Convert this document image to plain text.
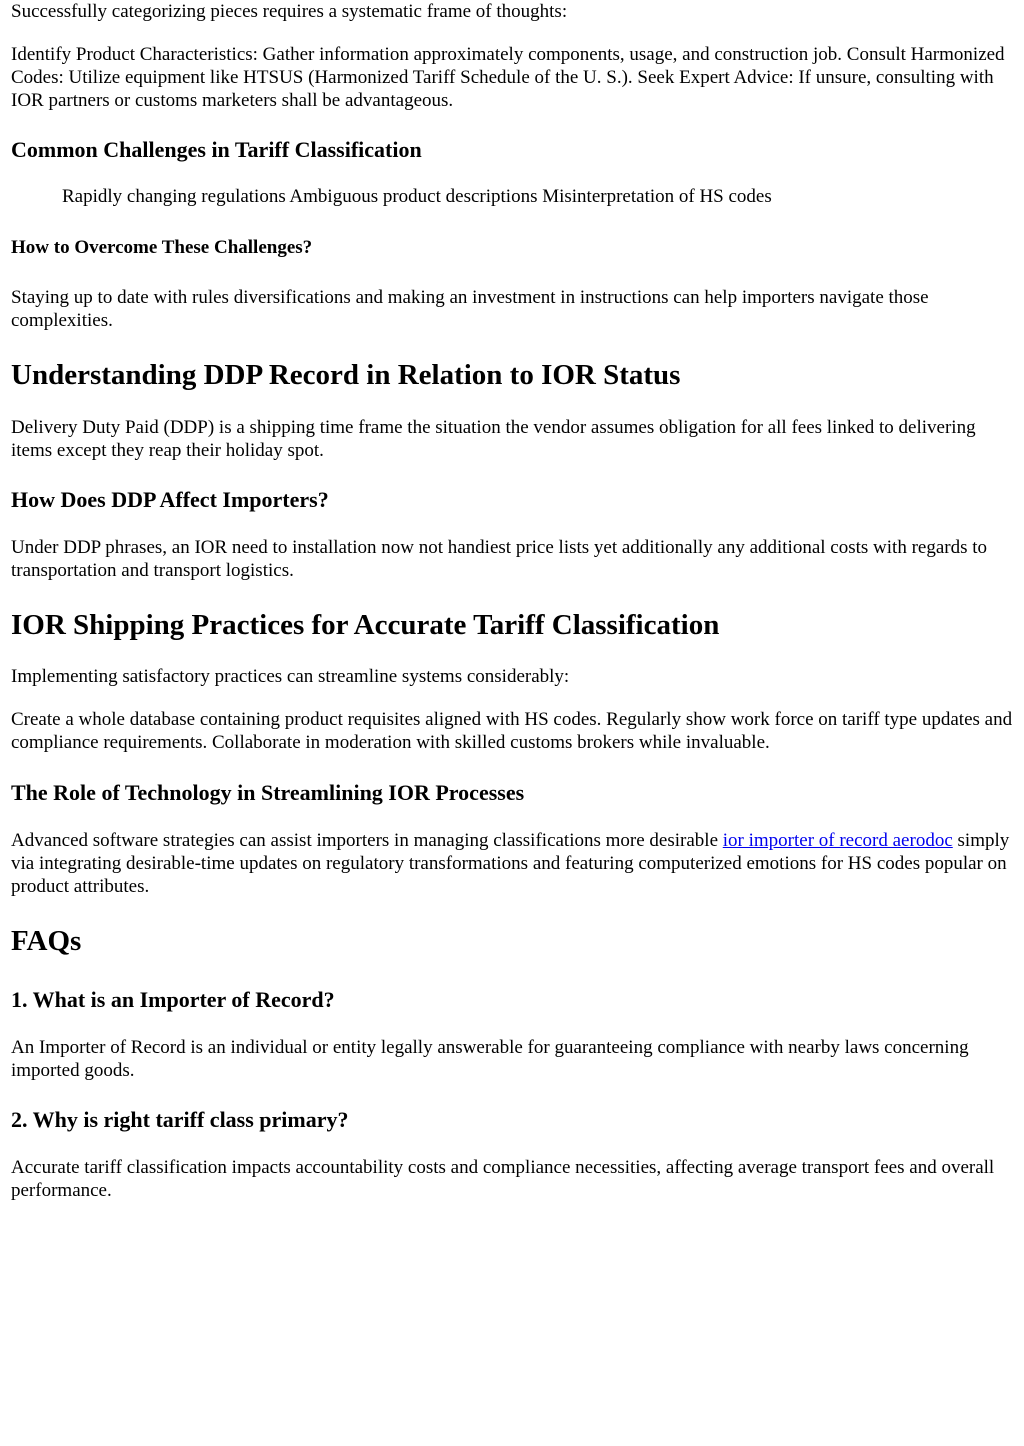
Successfully categorizing pieces requires a systematic frame of thoughts:

Identify Product Characteristics: Gather information approximately components, usage, and construction job. Consult Harmonized Codes: Utilize equipment like HTSUS (Harmonized Tariff Schedule of the U. S.). Seek Expert Advice: If unsure, consulting with IOR partners or customs marketers shall be advantageous.

Common Challenges in Tariff Classification

Rapidly changing regulations Ambiguous product descriptions Misinterpretation of HS codes

How to Overcome These Challenges?

Staying up to date with rules diversifications and making an investment in instructions can help importers navigate those complexities.

Understanding DDP Record in Relation to IOR Status

Delivery Duty Paid (DDP) is a shipping time frame the situation the vendor assumes obligation for all fees linked to delivering items except they reap their holiday spot.

How Does DDP Affect Importers?

Under DDP phrases, an IOR need to installation now not handiest price lists yet additionally any additional costs with regards to transportation and transport logistics.

IOR Shipping Practices for Accurate Tariff Classification

Implementing satisfactory practices can streamline systems considerably:

Create a whole database containing product requisites aligned with HS codes. Regularly show work force on tariff type updates and compliance requirements. Collaborate in moderation with skilled customs brokers while invaluable.

The Role of Technology in Streamlining IOR Processes

Advanced software strategies can assist importers in managing classifications more desirable ior importer of record aerodoc simply via integrating desirable-time updates on regulatory transformations and featuring computerized emotions for HS codes popular on product attributes.

FAQs
1. What is an Importer of Record?

An Importer of Record is an individual or entity legally answerable for guaranteeing compliance with nearby laws concerning imported goods.

2. Why is right tariff class primary?

Accurate tariff classification impacts accountability costs and compliance necessities, affecting average transport fees and overall performance.
